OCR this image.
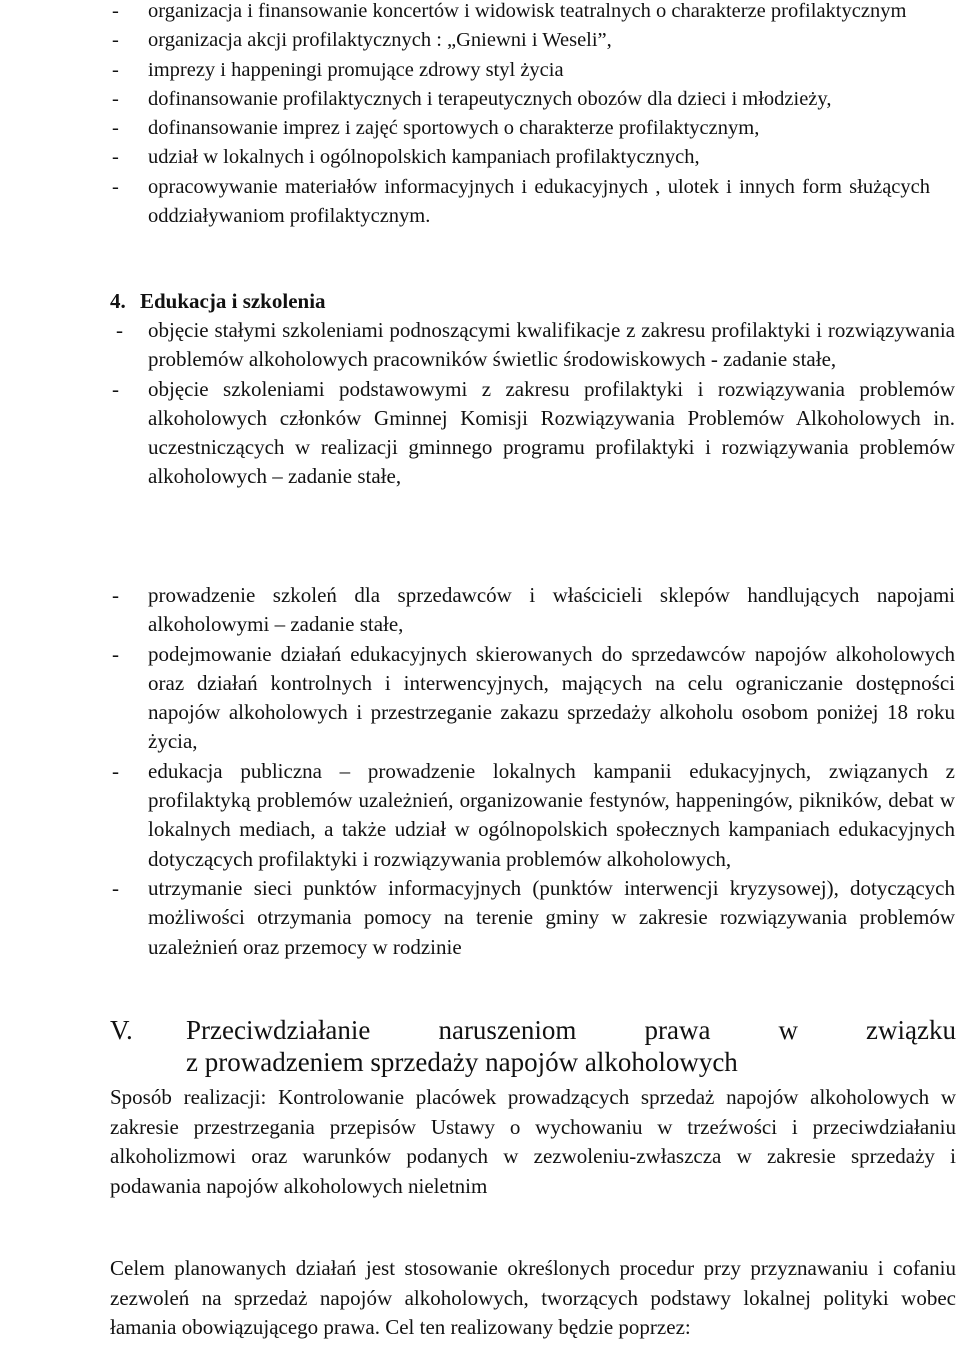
- organizacja i finansowanie koncertów i widowisk teatralnych o charakterze profilaktycznym
- organizacja akcji profilaktycznych : „Gniewni i Weseli”,
- imprezy i happeningi promujące zdrowy styl życia
- dofinansowanie profilaktycznych i terapeutycznych obozów dla dzieci i młodzieży,
- dofinansowanie imprez i zajęć sportowych o charakterze profilaktycznym,
- udział w lokalnych i ogólnopolskich kampaniach profilaktycznych,
- opracowywanie materiałów informacyjnych i edukacyjnych , ulotek i innych form służących oddziaływaniom profilaktycznym.
4. Edukacja i szkolenia
- objęcie stałymi szkoleniami podnoszącymi kwalifikacje z zakresu profilaktyki i rozwiązywania problemów alkoholowych pracowników świetlic środowiskowych - zadanie stałe,
- objęcie szkoleniami podstawowymi z zakresu profilaktyki i rozwiązywania problemów alkoholowych członków Gminnej Komisji Rozwiązywania Problemów Alkoholowych in. uczestniczących w realizacji gminnego programu profilaktyki i rozwiązywania problemów alkoholowych – zadanie stałe,
- prowadzenie szkoleń dla sprzedawców i właścicieli sklepów handlujących napojami alkoholowymi – zadanie stałe,
- podejmowanie działań edukacyjnych skierowanych do sprzedawców napojów alkoholowych oraz działań kontrolnych i interwencyjnych, mających na celu ograniczanie dostępności napojów alkoholowych i przestrzeganie zakazu sprzedaży alkoholu osobom poniżej 18 roku życia,
- edukacja publiczna – prowadzenie lokalnych kampanii edukacyjnych, związanych z profilaktyką problemów uzależnień, organizowanie festynów, happeningów, pikników, debat w lokalnych mediach, a także udział w ogólnopolskich społecznych kampaniach edukacyjnych dotyczących profilaktyki i rozwiązywania problemów alkoholowych,
- utrzymanie sieci punktów informacyjnych (punktów interwencji kryzysowej), dotyczących możliwości otrzymania pomocy na terenie gminy w zakresie rozwiązywania problemów uzależnień oraz przemocy w rodzinie
V. Przeciwdziałanie naruszeniom prawa w związku
z prowadzeniem sprzedaży napojów alkoholowych

Sposób realizacji: Kontrolowanie placówek prowadzących sprzedaż napojów alkoholowych w zakresie przestrzegania przepisów Ustawy o wychowaniu w trzeźwości i przeciwdziałaniu alkoholizmowi oraz warunków podanych w zezwoleniu-zwłaszcza w zakresie sprzedaży i podawania napojów alkoholowych nieletnim

Celem planowanych działań jest stosowanie określonych procedur przy przyznawaniu i cofaniu zezwoleń na sprzedaż napojów alkoholowych, tworzących podstawy lokalnej polityki wobec łamania obowiązującego prawa. Cel ten realizowany będzie poprzez:
